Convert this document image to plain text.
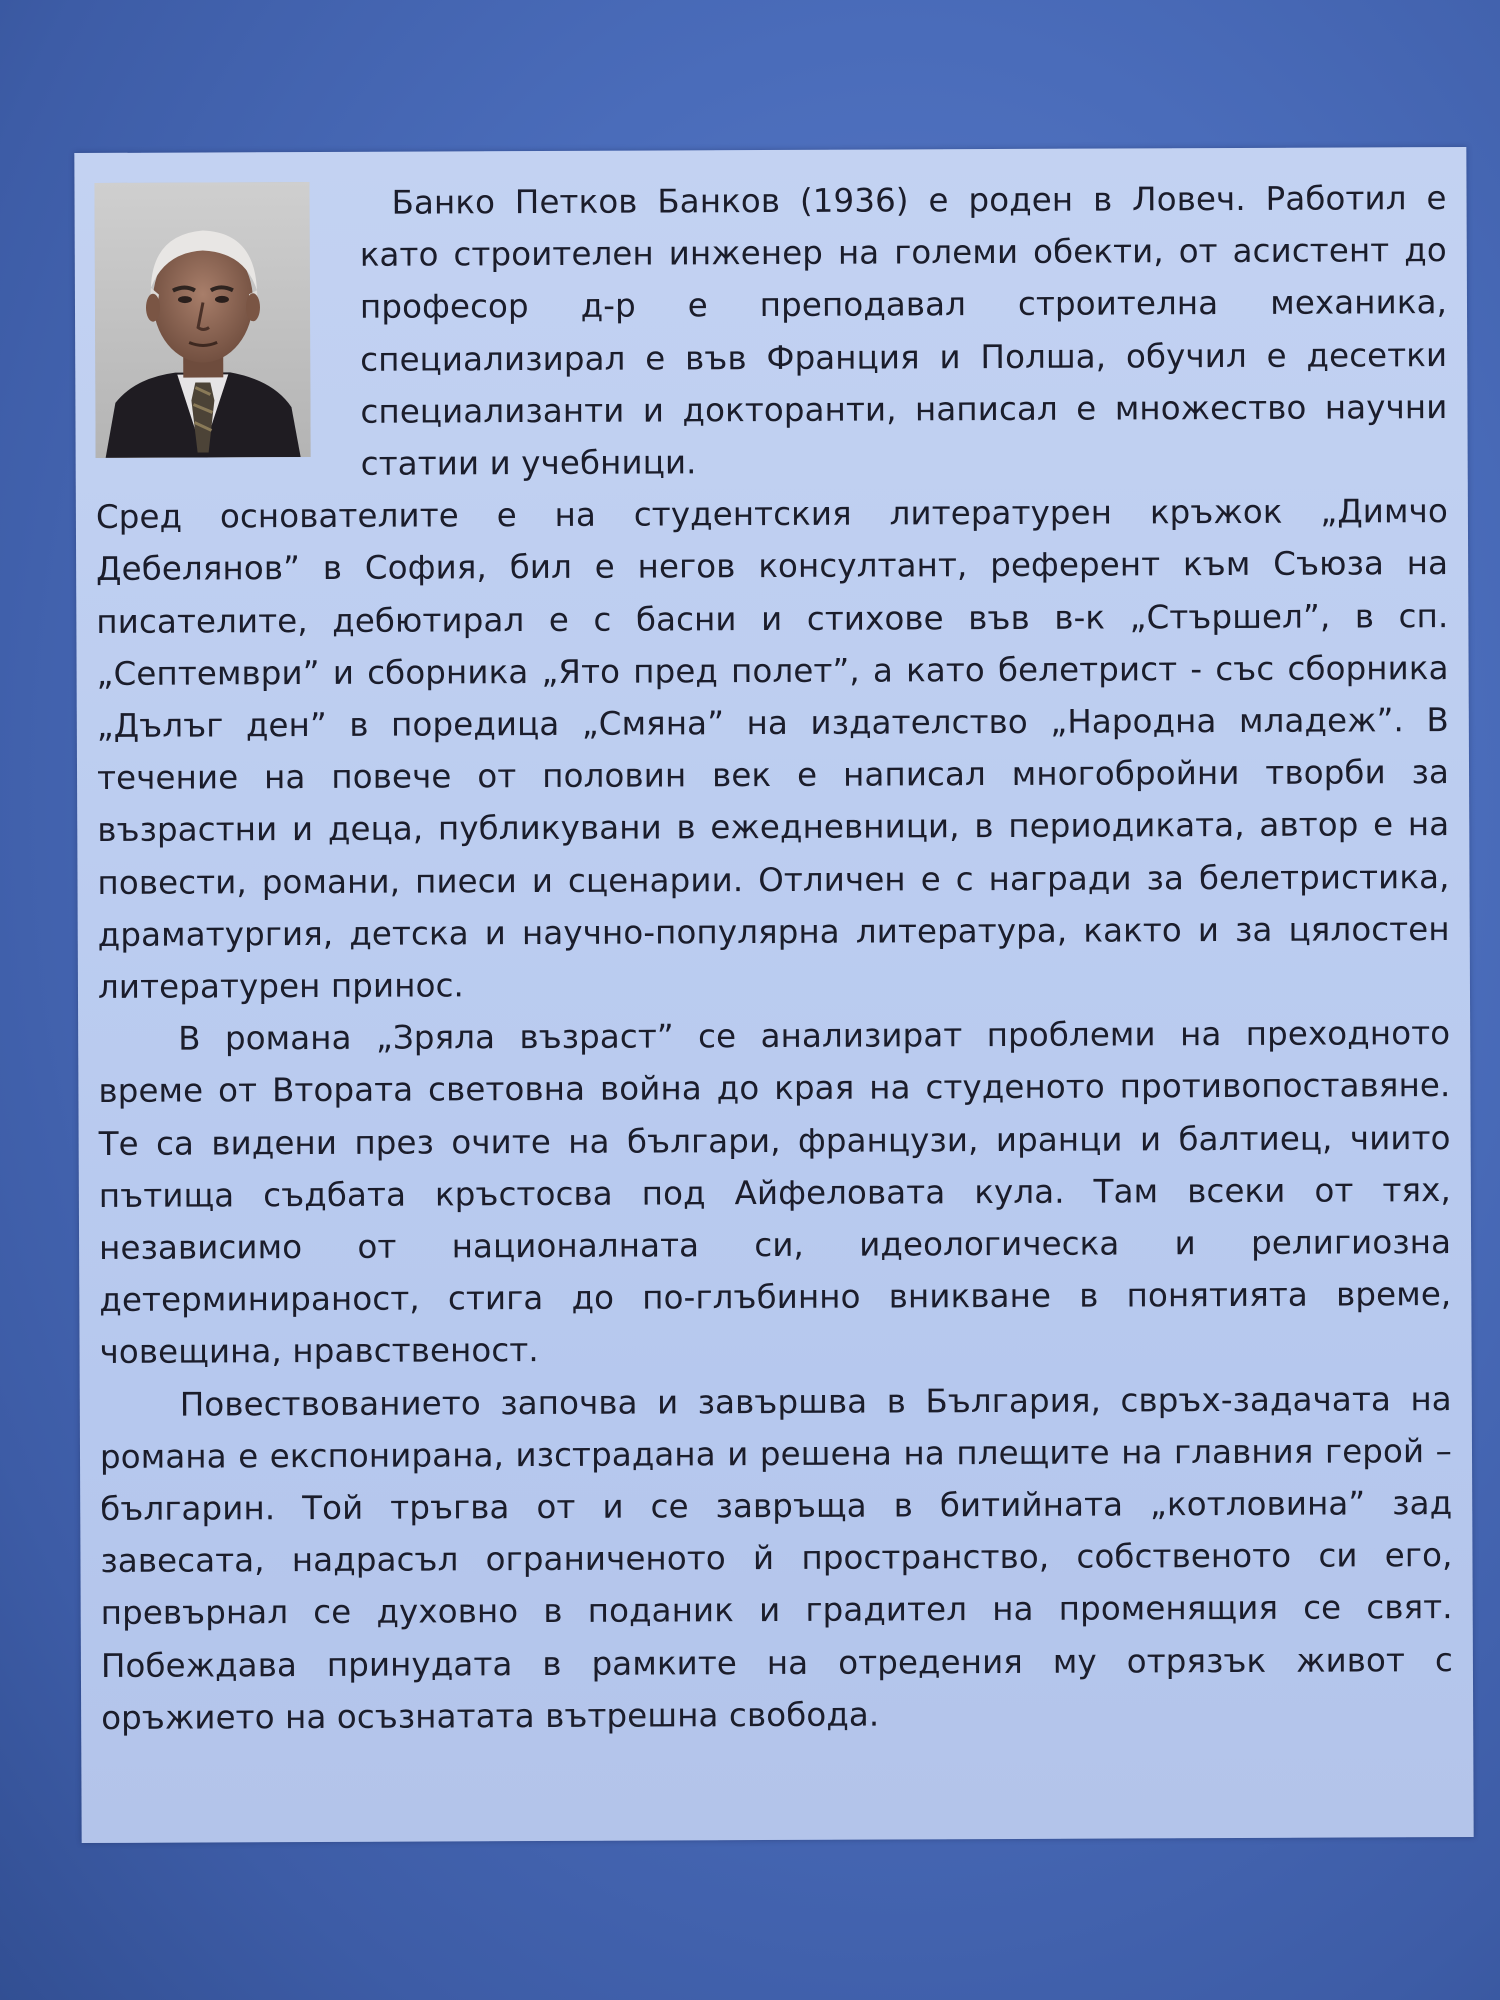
Банко Петков Банков (1936) е роден в Ловеч. Работил е като строителен инженер на големи обекти, от асистент до професор д-р е преподавал строителна механика, специализирал е във Франция и Полша, обучил е десетки специализанти и докторанти, написал е множество научни статии и учебници.

Сред основателите е на студентския литературен кръжок „Димчо Дебелянов” в София, бил е негов консултант, референт към Съюза на писателите, дебютирал е с басни и стихове във в-к „Стършел”, в сп. „Септември” и сборника „Ято пред полет”, а като белетрист - със сборника „Дълъг ден” в поредица „Смяна” на издателство „Народна младеж”. В течение на повече от половин век е написал многобройни творби за възрастни и деца, публикувани в ежедневници, в периодиката, автор е на повести, романи, пиеси и сценарии. Отличен е с награди за белетристика, драматургия, детска и научно-популярна литература, както и за цялостен литературен принос.

В романа „Зряла възраст” се анализират проблеми на преходното време от Втората световна война до края на студеното противопоставяне. Те са видени през очите на българи, французи, иранци и балтиец, чиито пътища съдбата кръстосва под Айфеловата кула. Там всеки от тях, независимо от националната си, идеологическа и религиозна детерминираност, стига до по-глъбинно вникване в понятията време, човещина, нравственост.

Повествованието започва и завършва в България, свръх-задачата на романа е експонирана, изстрадана и решена на плещите на главния герой – българин. Той тръгва от и се завръща в битийната „котловина” зад завесата, надрасъл ограниченото й пространство, собственото си его, превърнал се духовно в поданик и градител на променящия се свят. Побеждава принудата в рамките на отредения му отрязък живот с оръжието на осъзнатата вътрешна свобода.
